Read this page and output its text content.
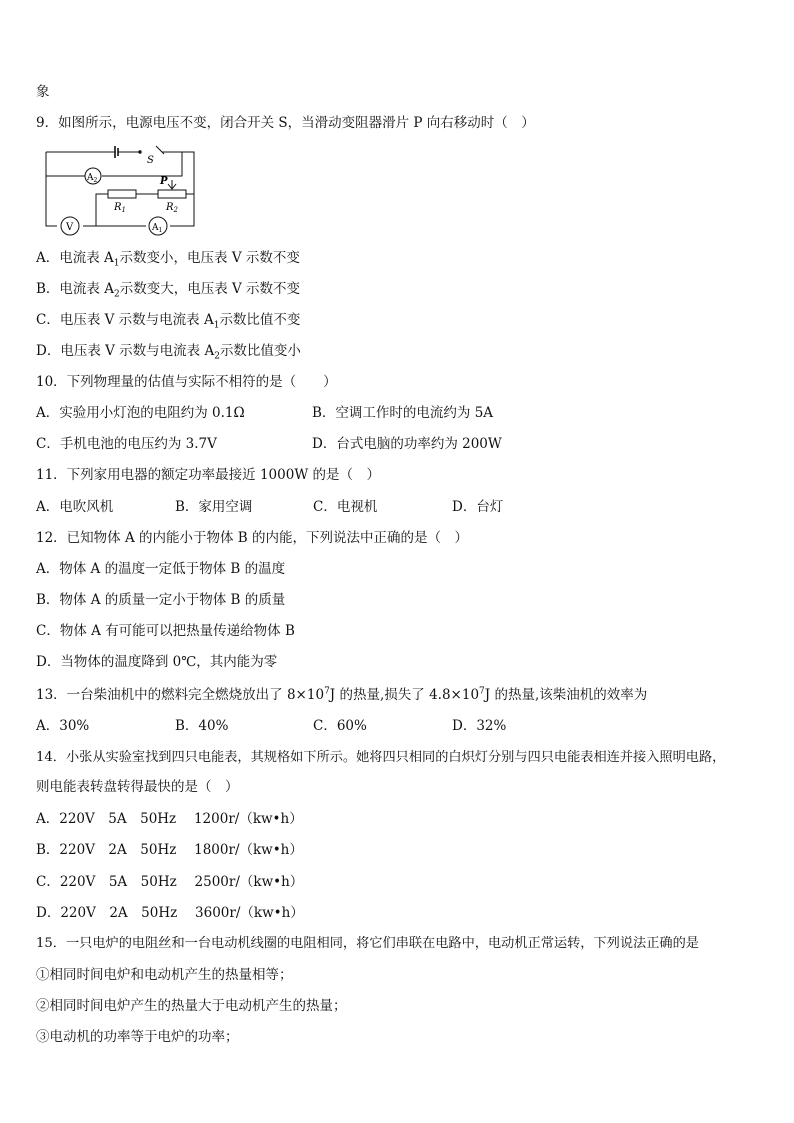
象
9．如图所示，电源电压不变，闭合开关 S，当滑动变阻器滑片 P 向右移动时（　）
S
P
$R_1$	$R_2$
$A_2$
V	$A_1$
A．电流表 $A_1$示数变小，电压表 V 示数不变
B．电流表 $A_2$示数变大，电压表 V 示数不变
C．电压表 V 示数与电流表 $A_1$示数比值不变
D．电压表 V 示数与电流表 $A_2$示数比值变小
10．下列物理量的估值与实际不相符的是（　　）
A．实验用小灯泡的电阻约为 0.1Ω	B．空调工作时的电流约为 5A
C．手机电池的电压约为 3.7V	D．台式电脑的功率约为 200W
11．下列家用电器的额定功率最接近 1000W 的是（　）
A．电吹风机	B．家用空调	C．电视机	D．台灯
12．已知物体 A 的内能小于物体 B 的内能，下列说法中正确的是（　）
A．物体 A 的温度一定低于物体 B 的温度
B．物体 A 的质量一定小于物体 B 的质量
C．物体 A 有可能可以把热量传递给物体 B
D．当物体的温度降到 0℃，其内能为零
13．一台柴油机中的燃料完全燃烧放出了 $8\times 10^7J$ 的热量,损失了 $4.8\times 10^7J$ 的热量,该柴油机的效率为
A．30%	B．40%	C．60%	D．32%
14．小张从实验室找到四只电能表，其规格如下所示。她将四只相同的白炽灯分别与四只电能表相连并接入照明电路，
则电能表转盘转得最快的是（　）
A．220V　5A　50Hz　 1200r/（kw•h）
B．220V　2A　50Hz　 1800r/（kw•h）
C．220V　5A　50Hz　 2500r/（kw•h）
D．220V　2A　50Hz　 3600r/（kw•h）
15．一只电炉的电阻丝和一台电动机线圈的电阻相同，将它们串联在电路中，电动机正常运转，下列说法正确的是
①相同时间电炉和电动机产生的热量相等；
②相同时间电炉产生的热量大于电动机产生的热量；
③电动机的功率等于电炉的功率；
